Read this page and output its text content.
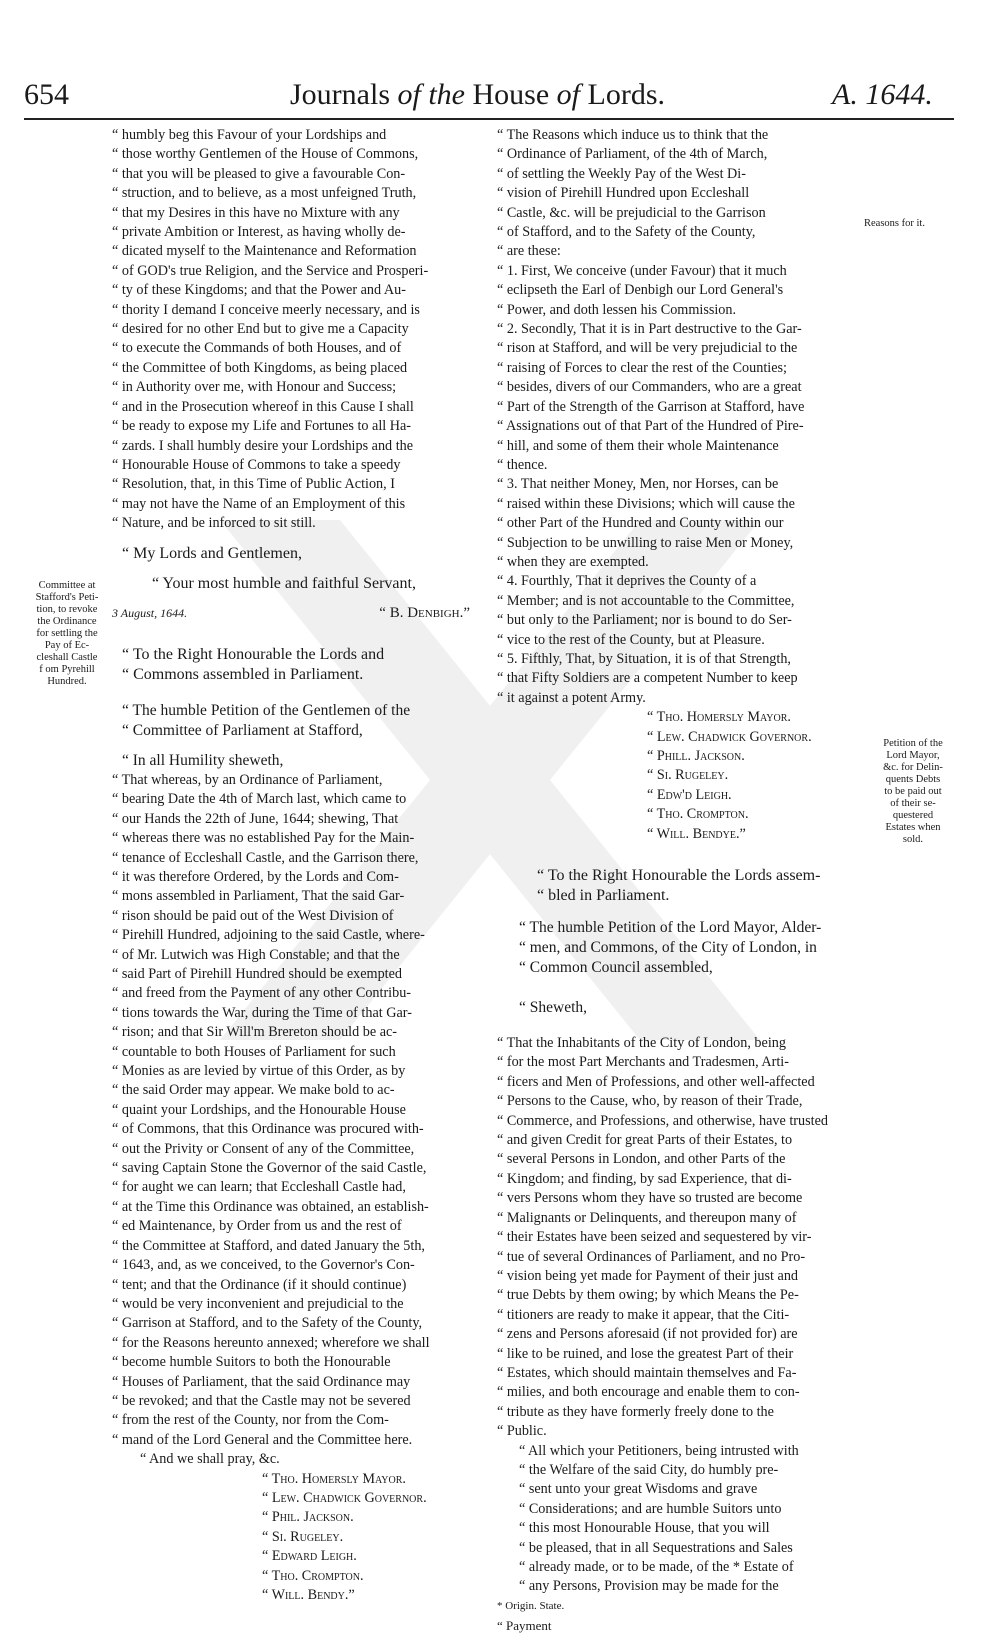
654	Journals of the House of Lords.	A. 1644.
Committee at
Stafford's Peti-
tion, to revoke
the Ordinance
for settling the
Pay of Ec-
cleshall Castle
f om Pyrehill
Hundred.
Reasons for it.
Petition of the
Lord Mayor,
&c. for Delin-
quents Debts
to be paid out
of their se-
questered
Estates when
sold.

“ humbly beg this Favour of your Lordships and

“ those worthy Gentlemen of the House of Commons,

“ that you will be pleased to give a favourable Con-

“ struction, and to believe, as a most unfeigned Truth,

“ that my Desires in this have no Mixture with any

“ private Ambition or Interest, as having wholly de-

“ dicated myself to the Maintenance and Reformation

“ of GOD's true Religion, and the Service and Prosperi-

“ ty of these Kingdoms; and that the Power and Au-

“ thority I demand I conceive meerly necessary, and is

“ desired for no other End but to give me a Capacity

“ to execute the Commands of both Houses, and of

“ the Committee of both Kingdoms, as being placed

“ in Authority over me, with Honour and Success;

“ and in the Prosecution whereof in this Cause I shall

“ be ready to expose my Life and Fortunes to all Ha-

“ zards. I shall humbly desire your Lordships and the

“ Honourable House of Commons to take a speedy

“ Resolution, that, in this Time of Public Action, I

“ may not have the Name of an Employment of this

“ Nature, and be inforced to sit still.

“ My Lords and Gentlemen,

“ Your most humble and faithful Servant,

3 August, 1644.	“ B. Denbigh.”

“ To the Right Honourable the Lords and

“ Commons assembled in Parliament.

“ The humble Petition of the Gentlemen of the

“ Committee of Parliament at Stafford,

“ In all Humility sheweth,

“ That whereas, by an Ordinance of Parliament,

“ bearing Date the 4th of March last, which came to

“ our Hands the 22th of June, 1644; shewing, That

“ whereas there was no established Pay for the Main-

“ tenance of Eccleshall Castle, and the Garrison there,

“ it was therefore Ordered, by the Lords and Com-

“ mons assembled in Parliament, That the said Gar-

“ rison should be paid out of the West Division of

“ Pirehill Hundred, adjoining to the said Castle, where-

“ of Mr. Lutwich was High Constable; and that the

“ said Part of Pirehill Hundred should be exempted

“ and freed from the Payment of any other Contribu-

“ tions towards the War, during the Time of that Gar-

“ rison; and that Sir Will'm Brereton should be ac-

“ countable to both Houses of Parliament for such

“ Monies as are levied by virtue of this Order, as by

“ the said Order may appear. We make bold to ac-

“ quaint your Lordships, and the Honourable House

“ of Commons, that this Ordinance was procured with-

“ out the Privity or Consent of any of the Committee,

“ saving Captain Stone the Governor of the said Castle,

“ for aught we can learn; that Eccleshall Castle had,

“ at the Time this Ordinance was obtained, an establish-

“ ed Maintenance, by Order from us and the rest of

“ the Committee at Stafford, and dated January the 5th,

“ 1643, and, as we conceived, to the Governor's Con-

“ tent; and that the Ordinance (if it should continue)

“ would be very inconvenient and prejudicial to the

“ Garrison at Stafford, and to the Safety of the County,

“ for the Reasons hereunto annexed; wherefore we shall

“ become humble Suitors to both the Honourable

“ Houses of Parliament, that the said Ordinance may

“ be revoked; and that the Castle may not be severed

“ from the rest of the County, nor from the Com-

“ mand of the Lord General and the Committee here.

“ And we shall pray, &c.

“ Tho. Homersly Mayor.

“ Lew. Chadwick Governor.

“ Phil. Jackson.

“ Si. Rugeley.

“ Edward Leigh.

“ Tho. Crompton.

“ Will. Bendy.”

“ The Reasons which induce us to think that the

“ Ordinance of Parliament, of the 4th of March,

“ of settling the Weekly Pay of the West Di-

“ vision of Pirehill Hundred upon Eccleshall

“ Castle, &c. will be prejudicial to the Garrison

“ of Stafford, and to the Safety of the County,

“ are these:

“ 1. First, We conceive (under Favour) that it much

“ eclipseth the Earl of Denbigh our Lord General's

“ Power, and doth lessen his Commission.

“ 2. Secondly, That it is in Part destructive to the Gar-

“ rison at Stafford, and will be very prejudicial to the

“ raising of Forces to clear the rest of the Counties;

“ besides, divers of our Commanders, who are a great

“ Part of the Strength of the Garrison at Stafford, have

“ Assignations out of that Part of the Hundred of Pire-

“ hill, and some of them their whole Maintenance

“ thence.

“ 3. That neither Money, Men, nor Horses, can be

“ raised within these Divisions; which will cause the

“ other Part of the Hundred and County within our

“ Subjection to be unwilling to raise Men or Money,

“ when they are exempted.

“ 4. Fourthly, That it deprives the County of a

“ Member; and is not accountable to the Committee,

“ but only to the Parliament; nor is bound to do Ser-

“ vice to the rest of the County, but at Pleasure.

“ 5. Fifthly, That, by Situation, it is of that Strength,

“ that Fifty Soldiers are a competent Number to keep

“ it against a potent Army.

“ Tho. Homersly Mayor.

“ Lew. Chadwick Governor.

“ Phill. Jackson.

“ Si. Rugeley.

“ Edw'd Leigh.

“ Tho. Crompton.

“ Will. Bendye.”

“ To the Right Honourable the Lords assem-

“ bled in Parliament.

“ The humble Petition of the Lord Mayor, Alder-

“ men, and Commons, of the City of London, in

“ Common Council assembled,

“ Sheweth,

“ That the Inhabitants of the City of London, being

“ for the most Part Merchants and Tradesmen, Arti-

“ ficers and Men of Professions, and other well-affected

“ Persons to the Cause, who, by reason of their Trade,

“ Commerce, and Professions, and otherwise, have trusted

“ and given Credit for great Parts of their Estates, to

“ several Persons in London, and other Parts of the

“ Kingdom; and finding, by sad Experience, that di-

“ vers Persons whom they have so trusted are become

“ Malignants or Delinquents, and thereupon many of

“ their Estates have been seized and sequestered by vir-

“ tue of several Ordinances of Parliament, and no Pro-

“ vision being yet made for Payment of their just and

“ true Debts by them owing; by which Means the Pe-

“ titioners are ready to make it appear, that the Citi-

“ zens and Persons aforesaid (if not provided for) are

“ like to be ruined, and lose the greatest Part of their

“ Estates, which should maintain themselves and Fa-

“ milies, and both encourage and enable them to con-

“ tribute as they have formerly freely done to the

“ Public.

“ All which your Petitioners, being intrusted with

“ the Welfare of the said City, do humbly pre-

“ sent unto your great Wisdoms and grave

“ Considerations; and are humble Suitors unto

“ this most Honourable House, that you will

“ be pleased, that in all Sequestrations and Sales

“ already made, or to be made, of the * Estate of

“ any Persons, Provision may be made for the

* Origin. State.

“ Payment
